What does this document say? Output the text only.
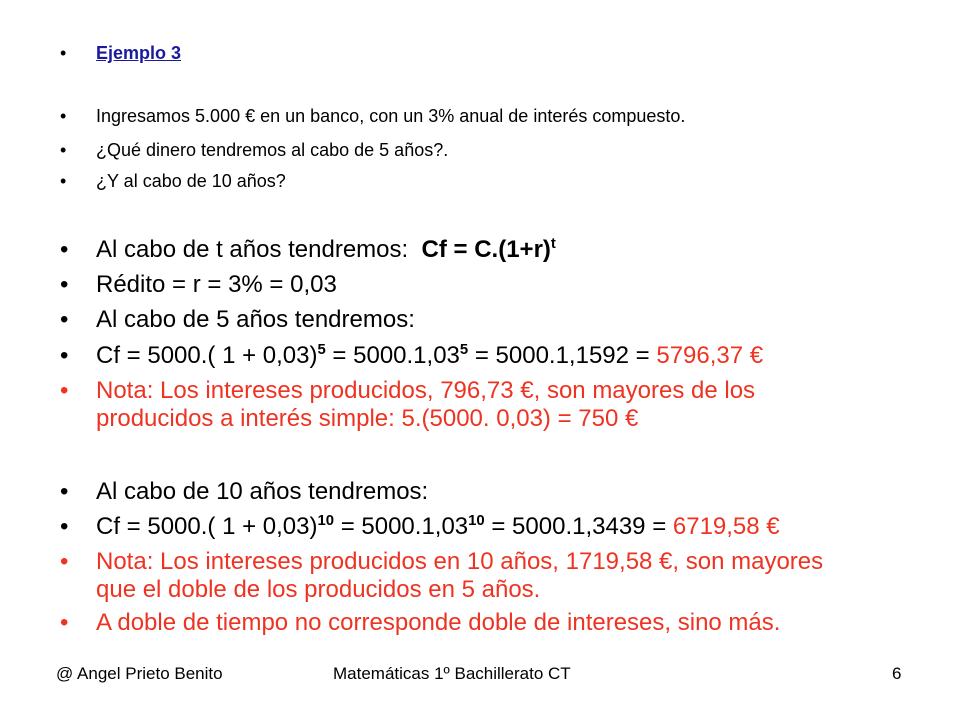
• Ejemplo 3
• Ingresamos 5.000 € en un banco, con un 3% anual de interés compuesto.
• ¿Qué dinero tendremos al cabo de 5 años?.
• ¿Y al cabo de 10 años?
• Al cabo de t años tendremos: $Cf = C.(1+r)^t$
• Rédito = r = 3% = 0,03
• Al cabo de 5 años tendremos:
• Cf = 5000.( $1 + 0,03)^5 = 5000.1,03^5 = 5000.1,1592 = 5796,37$ €
• Nota: Los intereses producidos, 796,73 €, son mayores de los
producidos a interés simple: 5.(5000. 0,03) = 750 €
• Al cabo de 10 años tendremos:
• Cf = 5000.( $1 + 0,03)^{10} = 5000.1,03^{10} = 5000.1,3439 = 6719,58$ €
• Nota: Los intereses producidos en 10 años, 1719,58 €, son mayores
que el doble de los producidos en 5 años.
• A doble de tiempo no corresponde doble de intereses, sino más.
@ Angel Prieto Benito	Matemáticas 1º Bachillerato CT	6
